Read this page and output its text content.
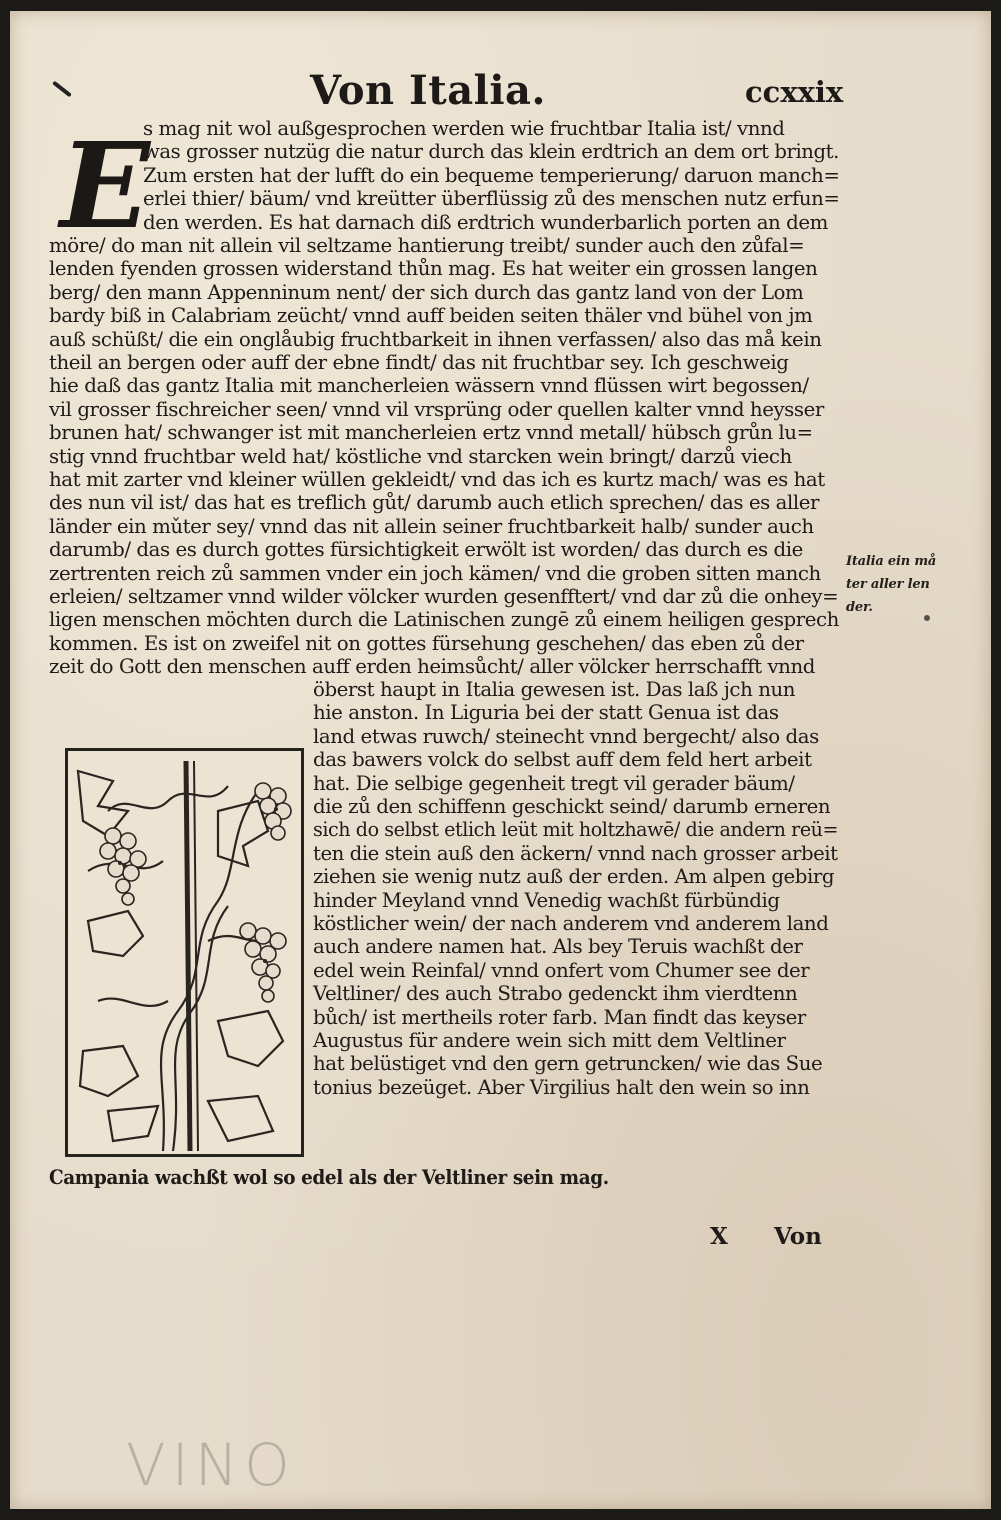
Von Italia.	ccxxix
E
s mag nit wol außgesprochen werden wie fruchtbar Italia ist/ vnnd
was grosser nutzüg die natur durch das klein erdtrich an dem ort bringt.
Zum ersten hat der lufft do ein bequeme temperierung/ daruon manch=
erlei thier/ bäum/ vnd kreütter überflüssig zů des menschen nutz erfun=
den werden. Es hat darnach diß erdtrich wunderbarlich porten an dem
möre/ do man nit allein vil seltzame hantierung treibt/ sunder auch den zůfal=
lenden fyenden grossen widerstand thůn mag. Es hat weiter ein grossen langen
berg/ den mann Appenninum nent/ der sich durch das gantz land von der Lom
bardy biß in Calabriam zeücht/ vnnd auff beiden seiten thäler vnd bühel von jm
auß schüßt/ die ein onglåubig fruchtbarkeit in ihnen verfassen/ also das må kein
theil an bergen oder auff der ebne findt/ das nit fruchtbar sey. Ich geschweig
hie daß das gantz Italia mit mancherleien wässern vnnd flüssen wirt begossen/
vil grosser fischreicher seen/ vnnd vil vrsprüng oder quellen kalter vnnd heysser
brunen hat/ schwanger ist mit mancherleien ertz vnnd metall/ hübsch grůn lu=
stig vnnd fruchtbar weld hat/ köstliche vnd starcken wein bringt/ darzů viech
hat mit zarter vnd kleiner wüllen gekleidt/ vnd das ich es kurtz mach/ was es hat
des nun vil ist/ das hat es treflich gůt/ darumb auch etlich sprechen/ das es aller
länder ein mǔter sey/ vnnd das nit allein seiner fruchtbarkeit halb/ sunder auch
darumb/ das es durch gottes fürsichtigkeit erwölt ist worden/ das durch es die
zertrenten reich zů sammen vnder ein joch kämen/ vnd die groben sitten manch
erleien/ seltzamer vnnd wilder völcker wurden gesenfftert/ vnd dar zů die onhey=
ligen menschen möchten durch die Latinischen zungē zů einem heiligen gesprech
kommen. Es ist on zweifel nit on gottes fürsehung geschehen/ das eben zů der
zeit do Gott den menschen auff erden heimsůcht/ aller völcker herrschafft vnnd
öberst haupt in Italia gewesen ist. Das laß jch nun
hie anston. In Liguria bei der statt Genua ist das
land etwas ruwch/ steinecht vnnd bergecht/ also das
das bawers volck do selbst auff dem feld hert arbeit
hat. Die selbige gegenheit tregt vil gerader bäum/
die zů den schiffenn geschickt seind/ darumb erneren
sich do selbst etlich leüt mit holtzhawē/ die andern reü=
ten die stein auß den äckern/ vnnd nach grosser arbeit
ziehen sie wenig nutz auß der erden. Am alpen gebirg
hinder Meyland vnnd Venedig wachßt fürbündig
köstlicher wein/ der nach anderem vnd anderem land
auch andere namen hat. Als bey Teruis wachßt der
edel wein Reinfal/ vnnd onfert vom Chumer see der
Veltliner/ des auch Strabo gedenckt ihm vierdtenn
bůch/ ist mertheils roter farb. Man findt das keyser
Augustus für andere wein sich mitt dem Veltliner
hat belüstiget vnd den gern getruncken/ wie das Sue
tonius bezeüget. Aber Virgilius halt den wein so inn
Campania wachßt wol so edel als der Veltliner sein mag.
Italia ein må
ter aller len
der.
X Von
VINO
